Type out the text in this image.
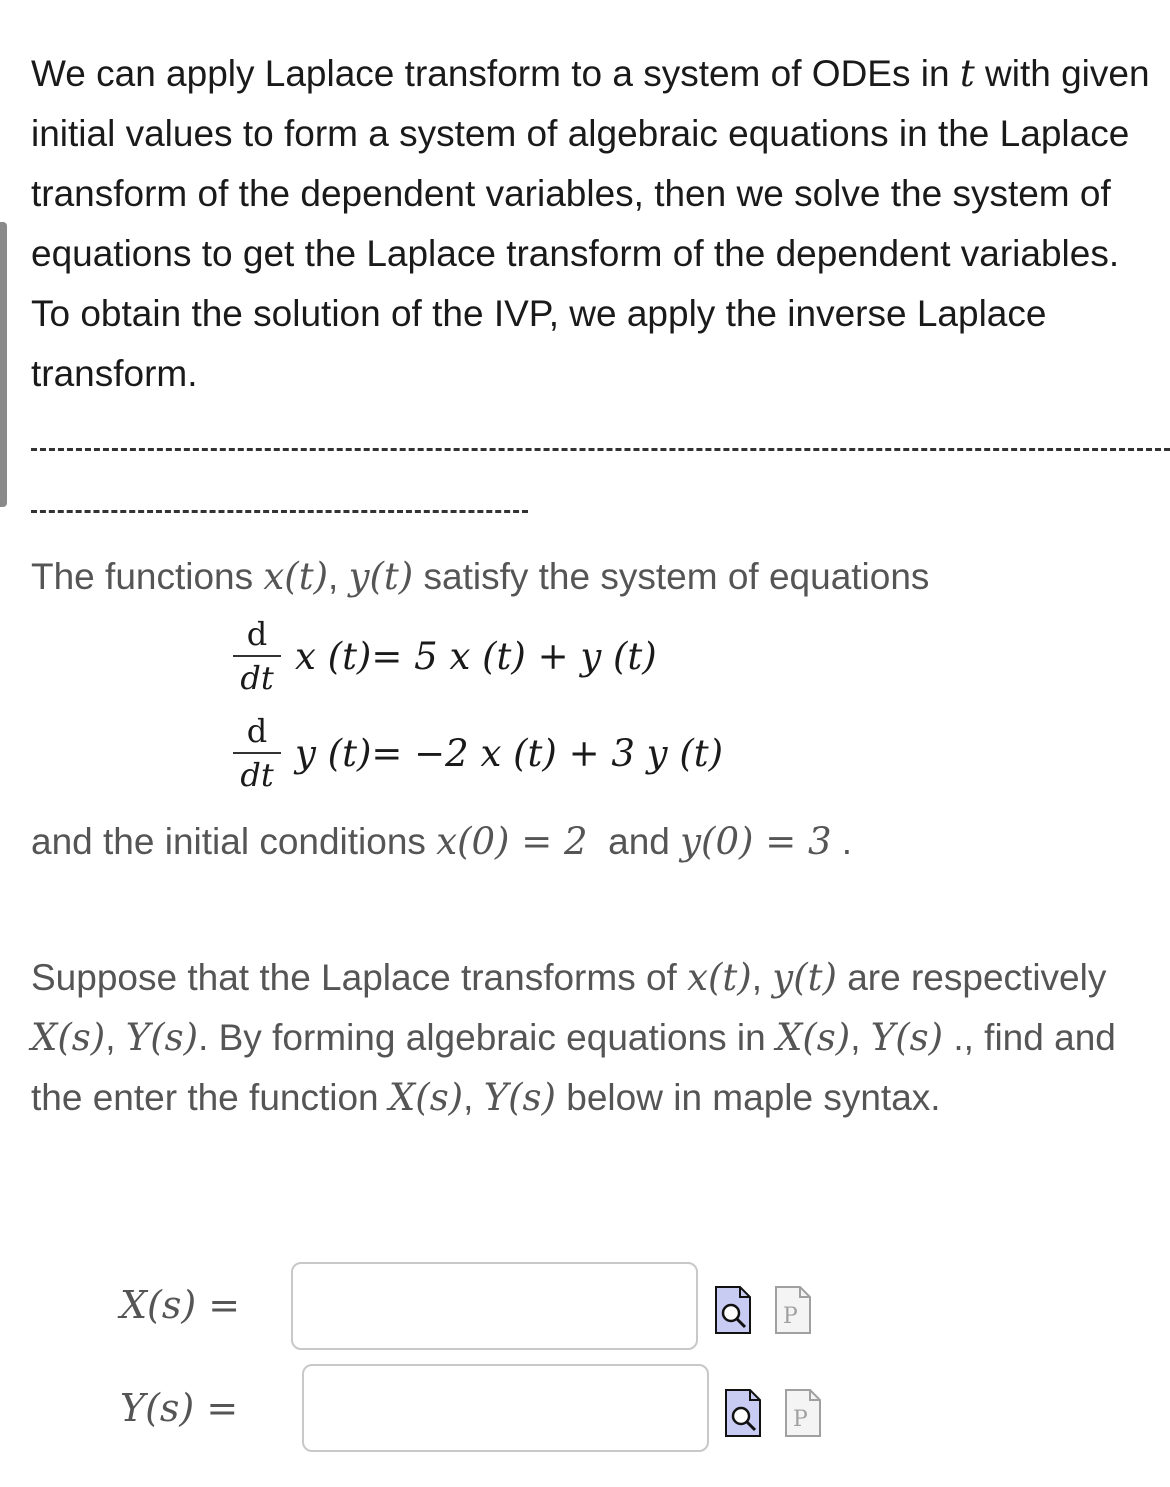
We can apply Laplace transform to a system of ODEs in t with given initial values to form a system of algebraic equations in the Laplace transform of the dependent variables, then we solve the system of equations to get the Laplace transform of the dependent variables. To obtain the solution of the IVP, we apply the inverse Laplace transform.

The functions x(t), y(t) satisfy the system of equations
$\frac{d}{dt}$ x (t) = 5 x (t) + y (t)
$\frac{d}{dt}$ y (t) = −2 x (t) + 3 y (t)
and the initial conditions x(0) = 2  and y(0) = 3 .

Suppose that the Laplace transforms of x(t), y(t) are respectively X(s), Y(s). By forming algebraic equations in X(s), Y(s) ., find and the enter the function X(s), Y(s) below in maple syntax.

X(s) =	P
Y(s) =	P
